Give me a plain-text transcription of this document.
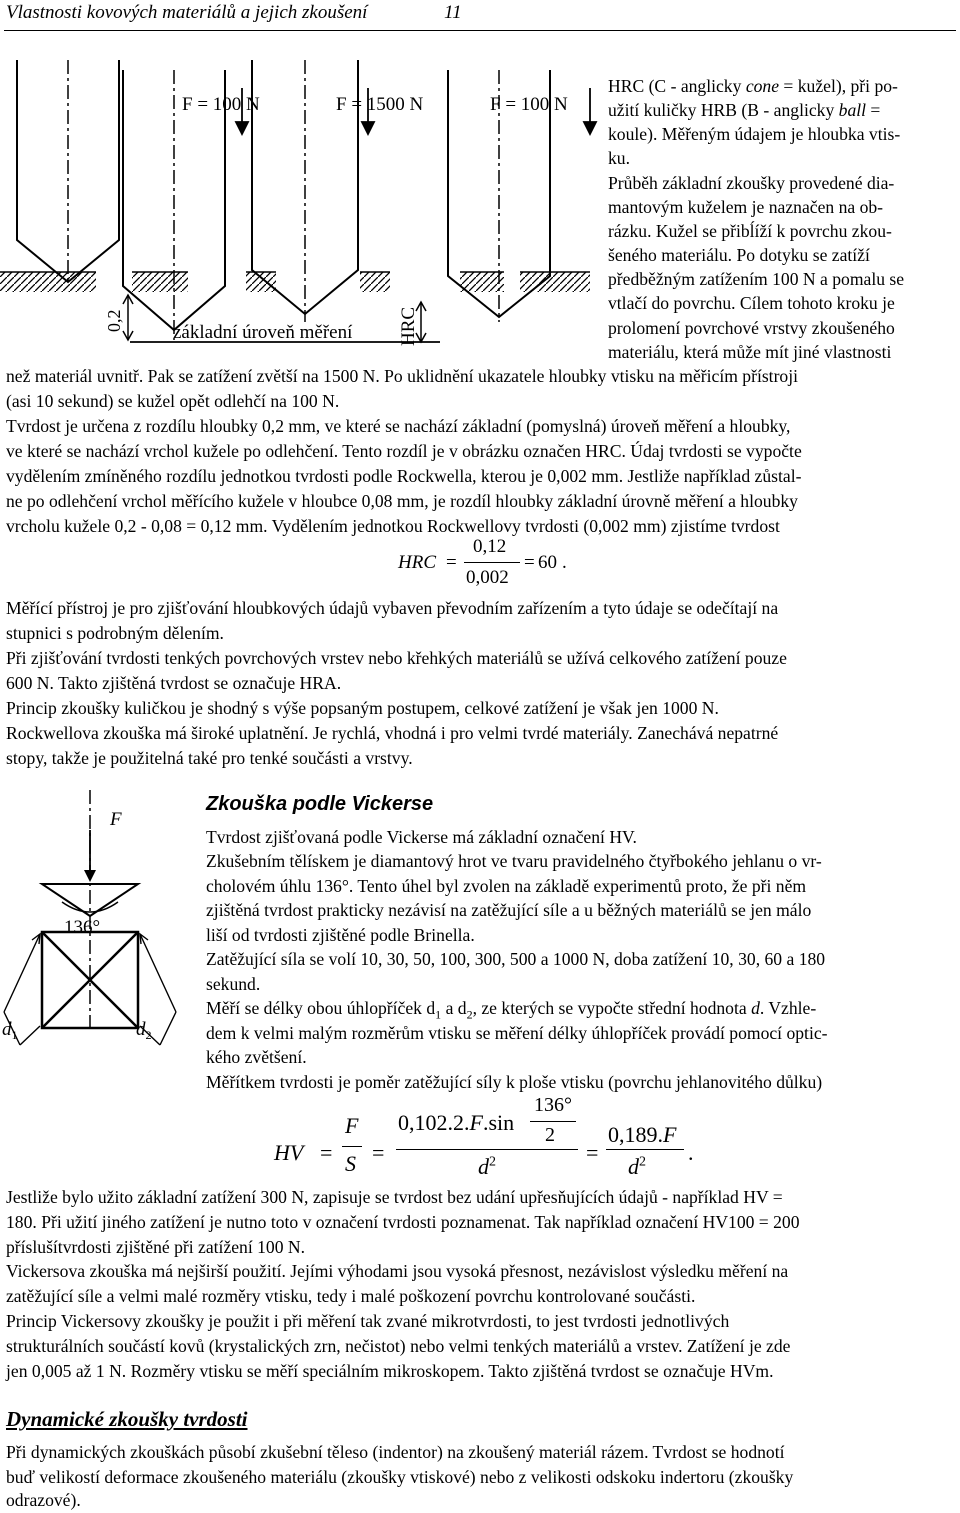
Vlastnosti kovových materiálů a jejich zkoušení	11
F = 100 N	F = 1500 N	F = 100 N
0,2
základní úroveň měření HRC
HRC (C - anglicky cone = kužel), při po-
užití kuličky HRB (B - anglicky ball =
koule). Měřeným údajem je hloubka vtis-
ku.
Průběh základní zkoušky provedené dia-
mantovým kuželem je naznačen na ob-
rázku. Kužel se přibĺíží k povrchu zkou-
šeného materiálu. Po dotyku se zatíží
předběžným zatížením 100 N a pomalu se
vtlačí do povrchu. Cílem tohoto kroku je
prolomení povrchové vrstvy zkoušeného
materiálu, která může mít jiné vlastnosti
než materiál uvnitř. Pak se zatížení zvětší na 1500 N. Po uklidnění ukazatele hloubky vtisku na měřicím přístroji
(asi 10 sekund) se kužel opět odlehčí na 100 N.
Tvrdost je určena z rozdílu hloubky 0,2 mm, ve které se nachází základní (pomyslná) úroveň měření a hloubky,
ve které se nachází vrchol kužele po odlehčení. Tento rozdíl je v obrázku označen HRC. Údaj tvrdosti se vypočte
vydělením zmíněného rozdílu jednotkou tvrdosti podle Rockwella, kterou je 0,002 mm. Jestliže například zůstal-
ne po odlehčení vrchol měřícího kužele v hloubce 0,08 mm, je rozdíl hloubky základní úrovně měření a hloubky
vrcholu kužele 0,2 - 0,08 = 0,12 mm. Vydělením jednotkou Rockwellovy tvrdosti (0,002 mm) zjistíme tvrdost
HRC =
0,12
0,002
= 60 .
Měřící přístroj je pro zjišťování hloubkových údajů vybaven převodním zařízením a tyto údaje se odečítají na
stupnici s podrobným dělením.
Při zjišťování tvrdosti tenkých povrchových vrstev nebo křehkých materiálů se užívá celkového zatížení pouze
600 N. Takto zjištěná tvrdost se označuje HRA.
Princip zkoušky kuličkou je shodný s výše popsaným postupem, celkové zatížení je však jen 1000 N.
Rockwellova zkouška má široké uplatnění. Je rychlá, vhodná i pro velmi tvrdé materiály. Zanechává nepatrné
stopy, takže je použitelná také pro tenké součásti a vrstvy.
F
136°
$d_1$	$d_2$
Zkouška podle Vickerse
Tvrdost zjišťovaná podle Vickerse má základní označení HV.
Zkušebním tělískem je diamantový hrot ve tvaru pravidelného čtyřbokého jehlanu o vr-
cholovém úhlu 136°. Tento úhel byl zvolen na základě experimentů proto, že při něm
zjištěná tvrdost prakticky nezávisí na zatěžující síle a u běžných materiálů se jen málo
liší od tvrdosti zjištěné podle Brinella.
Zatěžující síla se volí 10, 30, 50, 100, 300, 500 a 1000 N, doba zatížení 10, 30, 60 a 180
sekund.
Měří se délky obou úhlopříček $d_1$ a $d_2$, ze kterých se vypočte střední hodnota d. Vzhle-
dem k velmi malým rozměrům vtisku se měření délky úhlopříček provádí pomocí optic-
kého zvětšení.
Měřítkem tvrdosti je poměr zatěžující síly k ploše vtisku (povrchu jehlanovitého důlku)
HV =
F
S =
0,102.2.F.sin
136°
2
$d^2$	=
0,189.F
$d^2$ .
Jestliže bylo užito základní zatížení 300 N, zapisuje se tvrdost bez udání upřesňujících údajů - například HV =
180. Při užití jiného zatížení je nutno toto v označení tvrdosti poznamenat. Tak například označení HV100 = 200
příslušítvrdosti zjištěné při zatížení 100 N.
Vickersova zkouška má nejširší použití. Jejími výhodami jsou vysoká přesnost, nezávislost výsledku měření na
zatěžující síle a velmi malé rozměry vtisku, tedy i malé poškození povrchu kontrolované součásti.
Princip Vickersovy zkoušky je použit i při měření tak zvané mikrotvrdosti, to jest tvrdosti jednotlivých
strukturálních součástí kovů (krystalických zrn, nečistot) nebo velmi tenkých materiálů a vrstev. Zatížení je zde
jen 0,005 až 1 N. Rozměry vtisku se měří speciálním mikroskopem. Takto zjištěná tvrdost se označuje HVm.
Dynamické zkoušky tvrdosti
Při dynamických zkouškách působí zkušební těleso (indentor) na zkoušený materiál rázem. Tvrdost se hodnotí
buď velikostí deformace zkoušeného materiálu (zkoušky vtiskové) nebo z velikosti odskoku indertoru (zkoušky
odrazové).
